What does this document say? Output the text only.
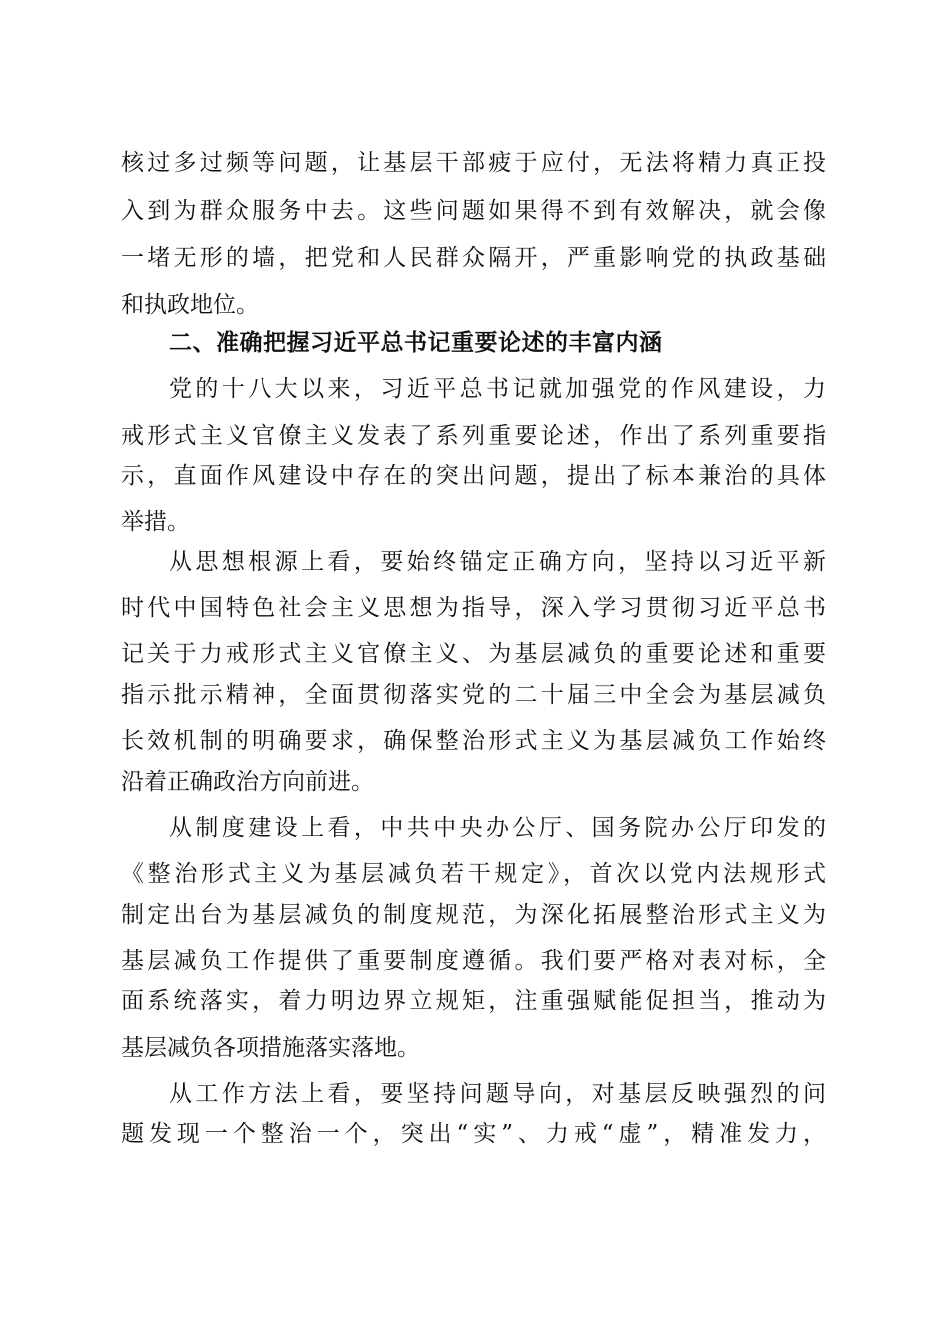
核过多过频等问题，让基层干部疲于应付，无法将精力真正投
入到为群众服务中去。这些问题如果得不到有效解决，就会像
一堵无形的墙，把党和人民群众隔开，严重影响党的执政基础
和执政地位。
二、准确把握习近平总书记重要论述的丰富内涵
党的十八大以来，习近平总书记就加强党的作风建设，力
戒形式主义官僚主义发表了系列重要论述，作出了系列重要指
示，直面作风建设中存在的突出问题，提出了标本兼治的具体
举措。
从思想根源上看，要始终锚定正确方向，坚持以习近平新
时代中国特色社会主义思想为指导，深入学习贯彻习近平总书
记关于力戒形式主义官僚主义、为基层减负的重要论述和重要
指示批示精神，全面贯彻落实党的二十届三中全会为基层减负
长效机制的明确要求，确保整治形式主义为基层减负工作始终
沿着正确政治方向前进。
从制度建设上看，中共中央办公厅、国务院办公厅印发的
《整治形式主义为基层减负若干规定》，首次以党内法规形式
制定出台为基层减负的制度规范，为深化拓展整治形式主义为
基层减负工作提供了重要制度遵循。我们要严格对表对标，全
面系统落实，着力明边界立规矩，注重强赋能促担当，推动为
基层减负各项措施落实落地。
从工作方法上看，要坚持问题导向，对基层反映强烈的问
题发现一个整治一个，突出“实”、力戒“虚”，精准发力，
